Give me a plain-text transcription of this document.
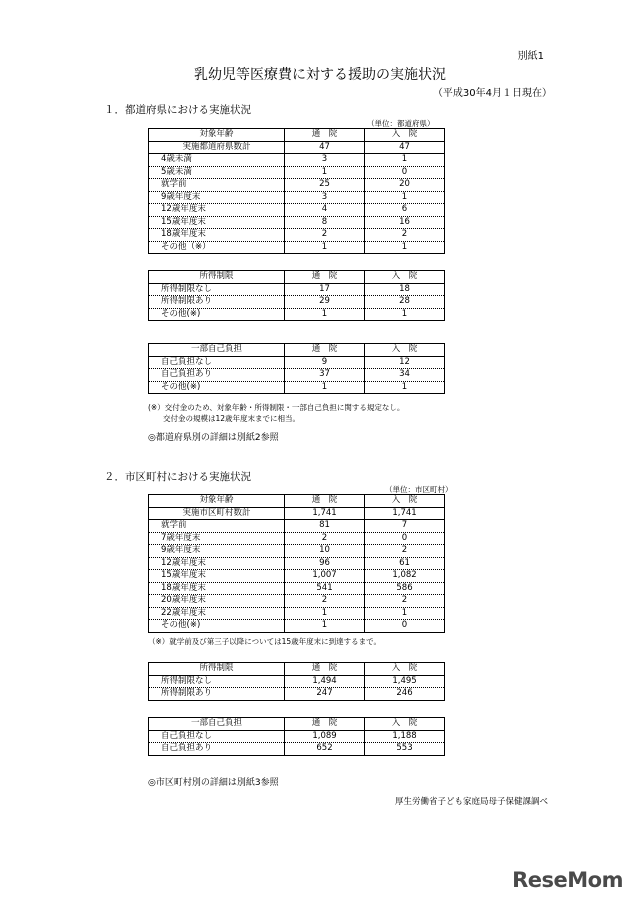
別紙1
乳幼児等医療費に対する援助の実施状況
（平成30年4月１日現在）
１．都道府県における実施状況
（単位：都道府県）
対象年齢	通　院	入　院
実施都道府県数計	47	47
4歳未満	3	1
5歳未満	1	0
就学前	25	20
9歳年度末	3	1
12歳年度末	4	6
15歳年度末	8	16
18歳年度末	2	2
その他（※）	1	1
所得制限	通　院	入　院
所得制限なし	17	18
所得制限あり	29	28
その他(※)	1	1
一部自己負担	通　院	入　院
自己負担なし	9	12
自己負担あり	37	34
その他(※)	1	1
(※）交付金のため、対象年齢・所得制限・一部自己負担に関する規定なし。
交付金の規模は12歳年度末までに相当。
◎都道府県別の詳細は別紙2参照
２．市区町村における実施状況
（単位：市区町村）
対象年齢	通　院	入　院
実施市区町村数計	1,741	1,741
就学前	81	7
7歳年度末	2	0
9歳年度末	10	2
12歳年度末	96	61
15歳年度末	1,007	1,082
18歳年度末	541	586
20歳年度末	2	2
22歳年度末	1	1
その他(※)	1	0
（※）就学前及び第三子以降については15歳年度末に到達するまで。
所得制限	通　院	入　院
所得制限なし	1,494	1,495
所得制限あり	247	246
一部自己負担	通　院	入　院
自己負担なし	1,089	1,188
自己負担あり	652	553
◎市区町村別の詳細は別紙3参照
厚生労働省子ども家庭局母子保健課調べ
ReseMom
